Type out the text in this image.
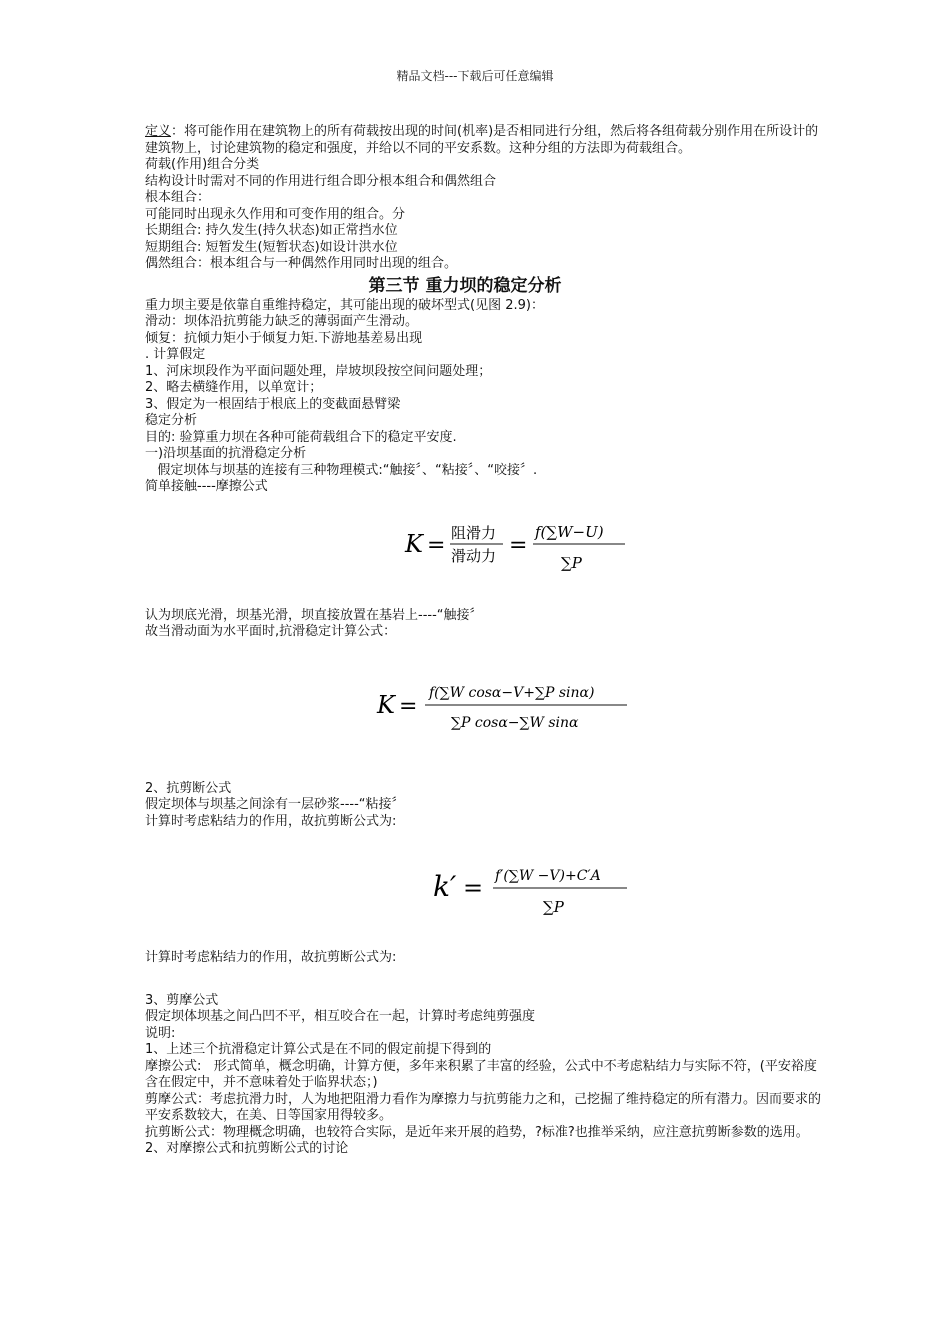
精品文档---下载后可任意编辑

定义：将可能作用在建筑物上的所有荷载按出现的时间(机率)是否相同进行分组，然后将各组荷载分别作用在所设计的建筑物上，讨论建筑物的稳定和强度，并给以不同的平安系数。这种分组的方法即为荷载组合。

荷载(作用)组合分类

结构设计时需对不同的作用进行组合即分根本组合和偶然组合

根本组合：

可能同时出现永久作用和可变作用的组合。分

长期组合: 持久发生(持久状态)如正常挡水位

短期组合: 短暂发生(短暂状态)如设计洪水位

偶然组合：根本组合与一种偶然作用同时出现的组合。

第三节 重力坝的稳定分析

重力坝主要是依靠自重维持稳定，其可能出现的破坏型式(见图 2.9)：

滑动：坝体沿抗剪能力缺乏的薄弱面产生滑动。

倾复：抗倾力矩小于倾复力矩.下游地基差易出现

. 计算假定

1、河床坝段作为平面问题处理，岸坡坝段按空间问题处理；

2、略去横缝作用，以单宽计；

3、假定为一根固结于根底上的变截面悬臂梁

稳定分析

目的: 验算重力坝在各种可能荷载组合下的稳定平安度.

一)沿坝基面的抗滑稳定分析

假定坝体与坝基的连接有三种物理模式:“触接〞、“粘接〞、“咬接〞.

简单接触----摩擦公式

K = 阻滑力
滑动力 =
f(∑W−U)
∑P

认为坝底光滑，坝基光滑，坝直接放置在基岩上----“触接〞

故当滑动面为水平面时,抗滑稳定计算公式：

K =
f(∑W cosα−V+∑P sinα)
∑P cosα−∑W sinα

2、抗剪断公式

假定坝体与坝基之间涂有一层砂浆----“粘接〞

计算时考虑粘结力的作用，故抗剪断公式为:

k′ = f′(∑W −V)+C′A
∑P

计算时考虑粘结力的作用，故抗剪断公式为:

3、剪摩公式

假定坝体坝基之间凸凹不平，相互咬合在一起，计算时考虑纯剪强度

说明:

1、上述三个抗滑稳定计算公式是在不同的假定前提下得到的

摩擦公式:   形式简单，概念明确，计算方便，多年来积累了丰富的经验，公式中不考虑粘结力与实际不符，(平安裕度含在假定中，并不意味着处于临界状态；)

剪摩公式：考虑抗滑力时，人为地把阻滑力看作为摩擦力与抗剪能力之和，己挖掘了维持稳定的所有潜力。因而要求的平安系数较大，在美、日等国家用得较多。

抗剪断公式：物理概念明确，也较符合实际，是近年来开展的趋势，?标准?也推举采纳，应注意抗剪断参数的选用。

2、对摩擦公式和抗剪断公式的讨论
